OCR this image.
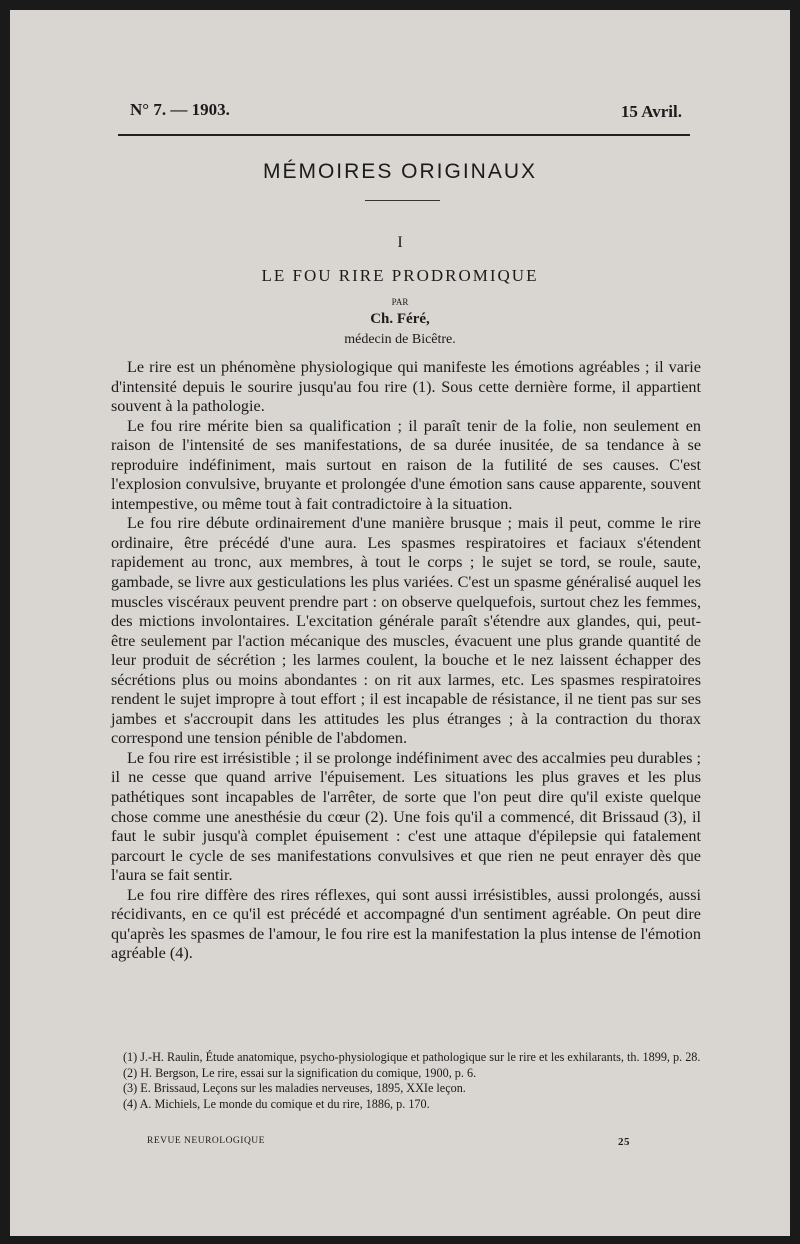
N° 7. — 1903.	15 Avril.
MÉMOIRES ORIGINAUX
I
LE FOU RIRE PRODROMIQUE
PAR
Ch. Féré,
médecin de Bicêtre.

Le rire est un phénomène physiologique qui manifeste les émotions agréables ; il varie d'intensité depuis le sourire jusqu'au fou rire (1). Sous cette dernière forme, il appartient souvent à la pathologie.

Le fou rire mérite bien sa qualification ; il paraît tenir de la folie, non seulement en raison de l'intensité de ses manifestations, de sa durée inusitée, de sa tendance à se reproduire indéfiniment, mais surtout en raison de la futilité de ses causes. C'est l'explosion convulsive, bruyante et prolongée d'une émotion sans cause apparente, souvent intempestive, ou même tout à fait contradictoire à la situation.

Le fou rire débute ordinairement d'une manière brusque ; mais il peut, comme le rire ordinaire, être précédé d'une aura. Les spasmes respiratoires et faciaux s'étendent rapidement au tronc, aux membres, à tout le corps ; le sujet se tord, se roule, saute, gambade, se livre aux gesticulations les plus variées. C'est un spasme généralisé auquel les muscles viscéraux peuvent prendre part : on observe quelquefois, surtout chez les femmes, des mictions involontaires. L'excitation générale paraît s'étendre aux glandes, qui, peut-être seulement par l'action mécanique des muscles, évacuent une plus grande quantité de leur produit de sécrétion ; les larmes coulent, la bouche et le nez laissent échapper des sécrétions plus ou moins abondantes : on rit aux larmes, etc. Les spasmes respiratoires rendent le sujet impropre à tout effort ; il est incapable de résistance, il ne tient pas sur ses jambes et s'accroupit dans les attitudes les plus étranges ; à la contraction du thorax correspond une tension pénible de l'abdomen.

Le fou rire est irrésistible ; il se prolonge indéfiniment avec des accalmies peu durables ; il ne cesse que quand arrive l'épuisement. Les situations les plus graves et les plus pathétiques sont incapables de l'arrêter, de sorte que l'on peut dire qu'il existe quelque chose comme une anesthésie du cœur (2). Une fois qu'il a commencé, dit Brissaud (3), il faut le subir jusqu'à complet épuisement : c'est une attaque d'épilepsie qui fatalement parcourt le cycle de ses manifestations convulsives et que rien ne peut enrayer dès que l'aura se fait sentir.

Le fou rire diffère des rires réflexes, qui sont aussi irrésistibles, aussi prolongés, aussi récidivants, en ce qu'il est précédé et accompagné d'un sentiment agréable. On peut dire qu'après les spasmes de l'amour, le fou rire est la manifestation la plus intense de l'émotion agréable (4).

(1) J.-H. Raulin, Étude anatomique, psycho-physiologique et pathologique sur le rire et les exhilarants, th. 1899, p. 28.

(2) H. Bergson, Le rire, essai sur la signification du comique, 1900, p. 6.

(3) E. Brissaud, Leçons sur les maladies nerveuses, 1895, XXIe leçon.

(4) A. Michiels, Le monde du comique et du rire, 1886, p. 170.

REVUE NEUROLOGIQUE	25
